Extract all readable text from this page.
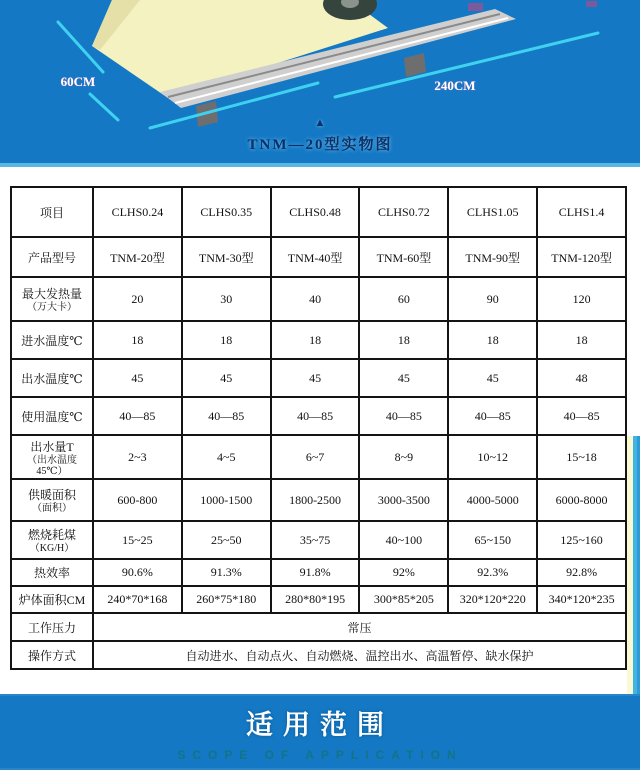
60CM	240CM
▲
TNM—20型实物图
项目	CLHS0.24	CLHS0.35	CLHS0.48	CLHS0.72	CLHS1.05	CLHS1.4

产品型号	TNM-20型	TNM-30型	TNM-40型	TNM-60型	TNM-90型	TNM-120型

最大发热量
（万大卡）	20	30	40	60	90	120

进水温度℃	18	18	18	18	18	18

出水温度℃	45	45	45	45	45	48

使用温度℃	40—85	40—85	40—85	40—85	40—85	40—85

出水量T
（出水温度45℃）	2~3	4~5	6~7	8~9	10~12	15~18

供暖面积
（面积）	600-800	1000-1500	1800-2500	3000-3500	4000-5000	6000-8000

燃烧耗煤
（KG/H）	15~25	25~50	35~75	40~100	65~150	125~160

热效率	90.6%	91.3%	91.8%	92%	92.3%	92.8%

炉体面积CM	240*70*168	260*75*180	280*80*195	300*85*205	320*120*220	340*120*235

工作压力	常压					

操作方式	自动进水、自动点火、自动燃烧、温控出水、高温暂停、缺水保护					
适用范围
SCOPE OF APPLICATION
